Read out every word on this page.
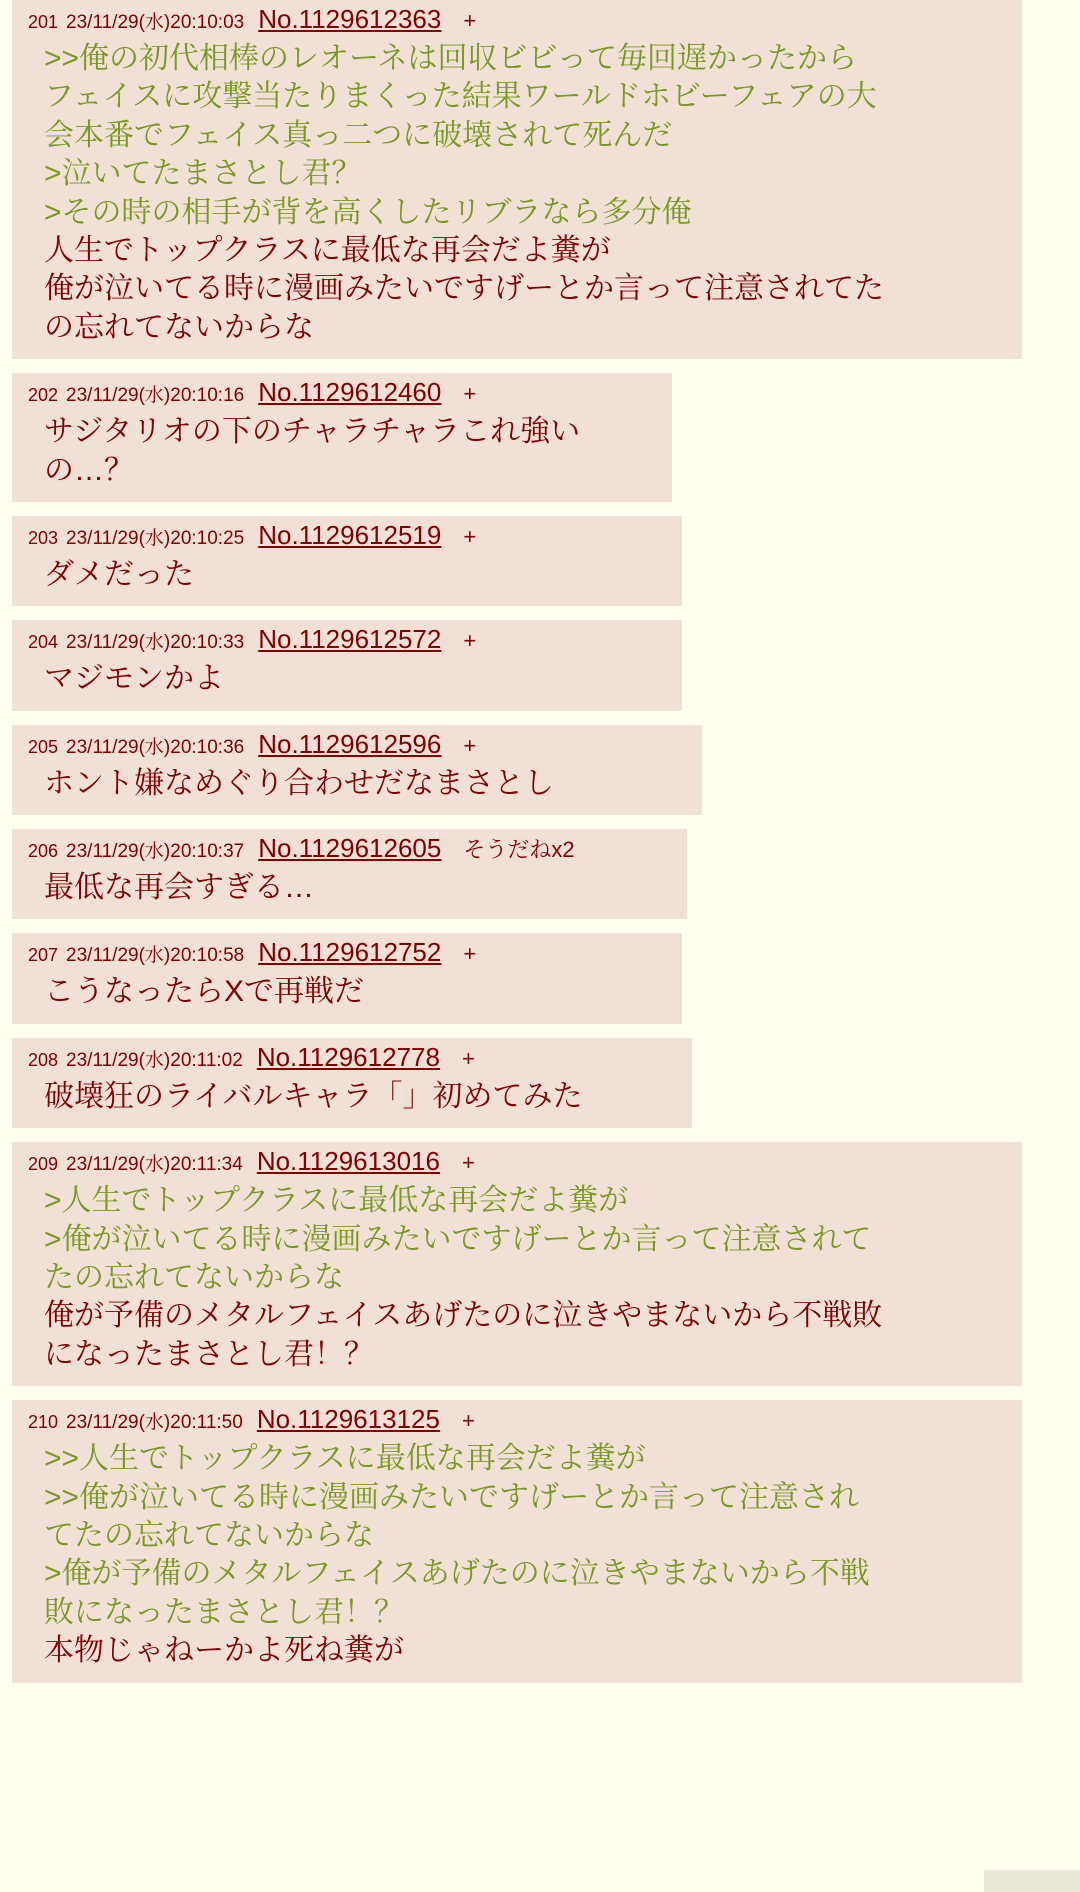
201 23/11/29(水)20:10:03 No.1129612363 +
>>俺の初代相棒のレオーネは回収ビビって毎回遅かったから
フェイスに攻撃当たりまくった結果ワールドホビーフェアの大
会本番でフェイス真っ二つに破壊されて死んだ
>泣いてたまさとし君？
>その時の相手が背を高くしたリブラなら多分俺
人生でトップクラスに最低な再会だよ糞が
俺が泣いてる時に漫画みたいですげーとか言って注意されてた
の忘れてないからな
202 23/11/29(水)20:10:16 No.1129612460 +
サジタリオの下のチャラチャラこれ強いの…？
203 23/11/29(水)20:10:25 No.1129612519 +
ダメだった
204 23/11/29(水)20:10:33 No.1129612572 +
マジモンかよ
205 23/11/29(水)20:10:36 No.1129612596 +
ホント嫌なめぐり合わせだなまさとし
206 23/11/29(水)20:10:37 No.1129612605 そうだねx2
最低な再会すぎる…
207 23/11/29(水)20:10:58 No.1129612752 +
こうなったらXで再戦だ
208 23/11/29(水)20:11:02 No.1129612778 +
破壊狂のライバルキャラ「」初めてみた
209 23/11/29(水)20:11:34 No.1129613016 +
>人生でトップクラスに最低な再会だよ糞が
>俺が泣いてる時に漫画みたいですげーとか言って注意されて
たの忘れてないからな
俺が予備のメタルフェイスあげたのに泣きやまないから不戦敗
になったまさとし君！？
210 23/11/29(水)20:11:50 No.1129613125 +
>>人生でトップクラスに最低な再会だよ糞が
>>俺が泣いてる時に漫画みたいですげーとか言って注意され
てたの忘れてないからな
>俺が予備のメタルフェイスあげたのに泣きやまないから不戦
敗になったまさとし君！？
本物じゃねーかよ死ね糞が
